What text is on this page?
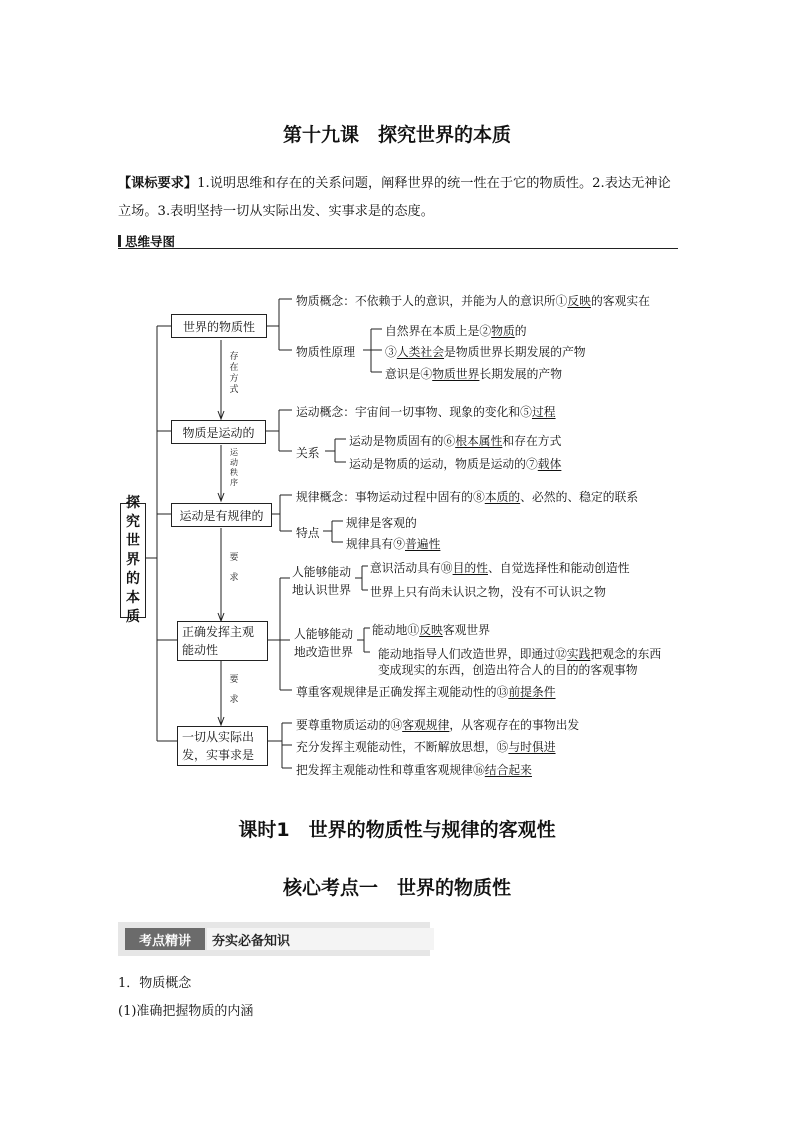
第十九课　探究世界的本质
【课标要求】1.说明思维和存在的关系问题，阐释世界的统一性在于它的物质性。2.表达无神论立场。3.表明坚持一切从实际出发、实事求是的态度。
思维导图
探究世界的本质
世界的物质性
物质是运动的
运动是有规律的
正确发挥主观能动性
一切从实际出发，实事求是
存在方式
运动秩序
要求
要求
物质概念：不依赖于人的意识，并能为人的意识所①反映的客观实在
物质性原理
自然界在本质上是②物质的
③人类社会是物质世界长期发展的产物
意识是④物质世界长期发展的产物
运动概念：宇宙间一切事物、现象的变化和⑤过程
关系
运动是物质固有的⑥根本属性和存在方式
运动是物质的运动，物质是运动的⑦载体
规律概念：事物运动过程中固有的⑧本质的、必然的、稳定的联系
特点
规律是客观的
规律具有⑨普遍性
人能够能动地认识世界
意识活动具有⑩目的性、自觉选择性和能动创造性
世界上只有尚未认识之物，没有不可认识之物
人能够能动地改造世界
能动地⑪反映客观世界
能动地指导人们改造世界，即通过⑫实践把观念的东西
变成现实的东西，创造出符合人的目的的客观事物
尊重客观规律是正确发挥主观能动性的⑬前提条件
要尊重物质运动的⑭客观规律，从客观存在的事物出发
充分发挥主观能动性，不断解放思想，⑮与时俱进
把发挥主观能动性和尊重客观规律⑯结合起来
课时1　世界的物质性与规律的客观性
核心考点一　世界的物质性
考点精讲	夯实必备知识
1．物质概念
(1)准确把握物质的内涵
